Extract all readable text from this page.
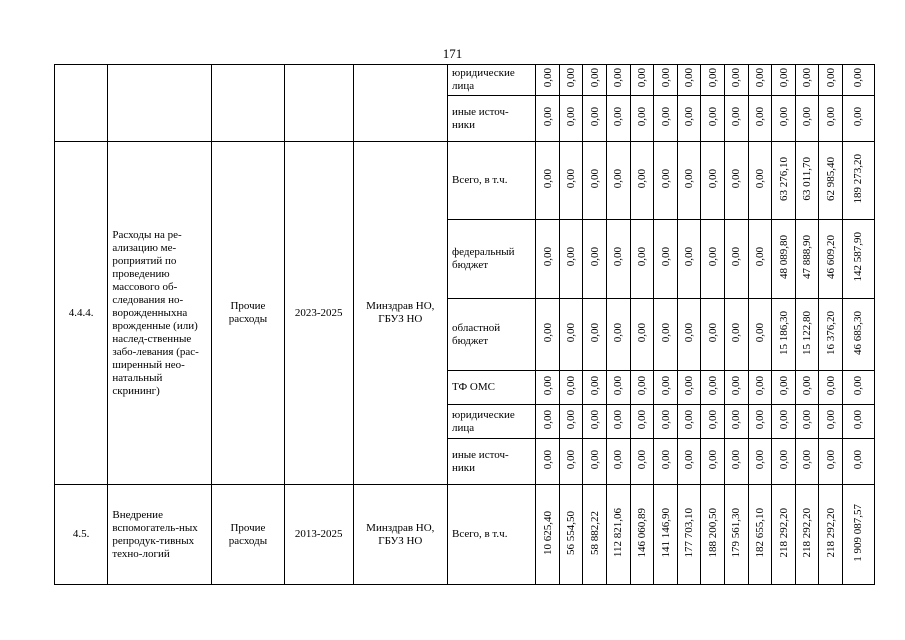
171
					юридические лица	0,00	0,00	0,00	0,00	0,00	0,00	0,00	0,00	0,00	0,00	0,00	0,00	0,00	0,00
					иные источ-ники	0,00	0,00	0,00	0,00	0,00	0,00	0,00	0,00	0,00	0,00	0,00	0,00	0,00	0,00
4.4.4.	Расходы на ре-ализацию ме-роприятий по проведению массового об-следования но-ворожденныхна врожденные (или) наслед-ственные забо-левания (рас-ширенный нео-натальный скрининг)	Прочие расходы	2023-2025	Минздрав НО, ГБУЗ НО	Всего, в т.ч.	0,00	0,00	0,00	0,00	0,00	0,00	0,00	0,00	0,00	0,00	63 276,10	63 011,70	62 985,40	189 273,20
					федеральный бюджет	0,00	0,00	0,00	0,00	0,00	0,00	0,00	0,00	0,00	0,00	48 089,80	47 888,90	46 609,20	142 587,90
					областной бюджет	0,00	0,00	0,00	0,00	0,00	0,00	0,00	0,00	0,00	0,00	15 186,30	15 122,80	16 376,20	46 685,30
					ТФ ОМС	0,00	0,00	0,00	0,00	0,00	0,00	0,00	0,00	0,00	0,00	0,00	0,00	0,00	0,00
					юридические лица	0,00	0,00	0,00	0,00	0,00	0,00	0,00	0,00	0,00	0,00	0,00	0,00	0,00	0,00
					иные источ-ники	0,00	0,00	0,00	0,00	0,00	0,00	0,00	0,00	0,00	0,00	0,00	0,00	0,00	0,00
4.5.	Внедрение вспомогатель-ных репродук-тивных техно-логий	Прочие расходы	2013-2025	Минздрав НО, ГБУЗ НО	Всего, в т.ч.	10 625,40	56 554,50	58 882,22	112 821,06	146 060,89	141 146,90	177 703,10	188 200,50	179 561,30	182 655,10	218 292,20	218 292,20	218 292,20	1 909 087,57
